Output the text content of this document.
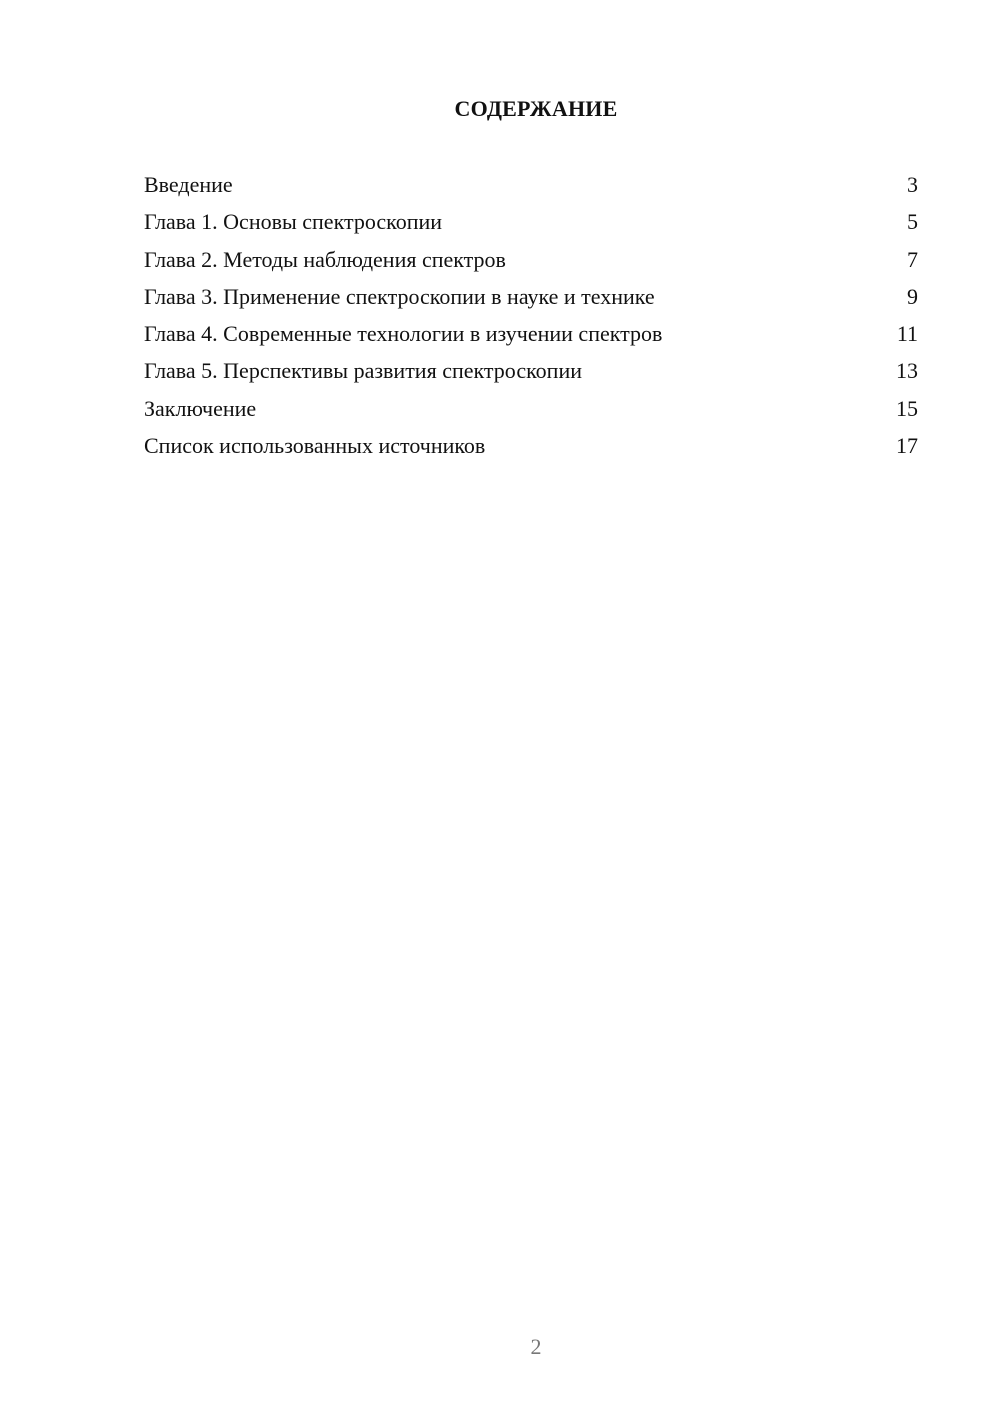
СОДЕРЖАНИЕ
Введение	3
Глава 1. Основы спектроскопии	5
Глава 2. Методы наблюдения спектров	7
Глава 3. Применение спектроскопии в науке и технике	9
Глава 4. Современные технологии в изучении спектров	11
Глава 5. Перспективы развития спектроскопии	13
Заключение	15
Список использованных источников	17
2
